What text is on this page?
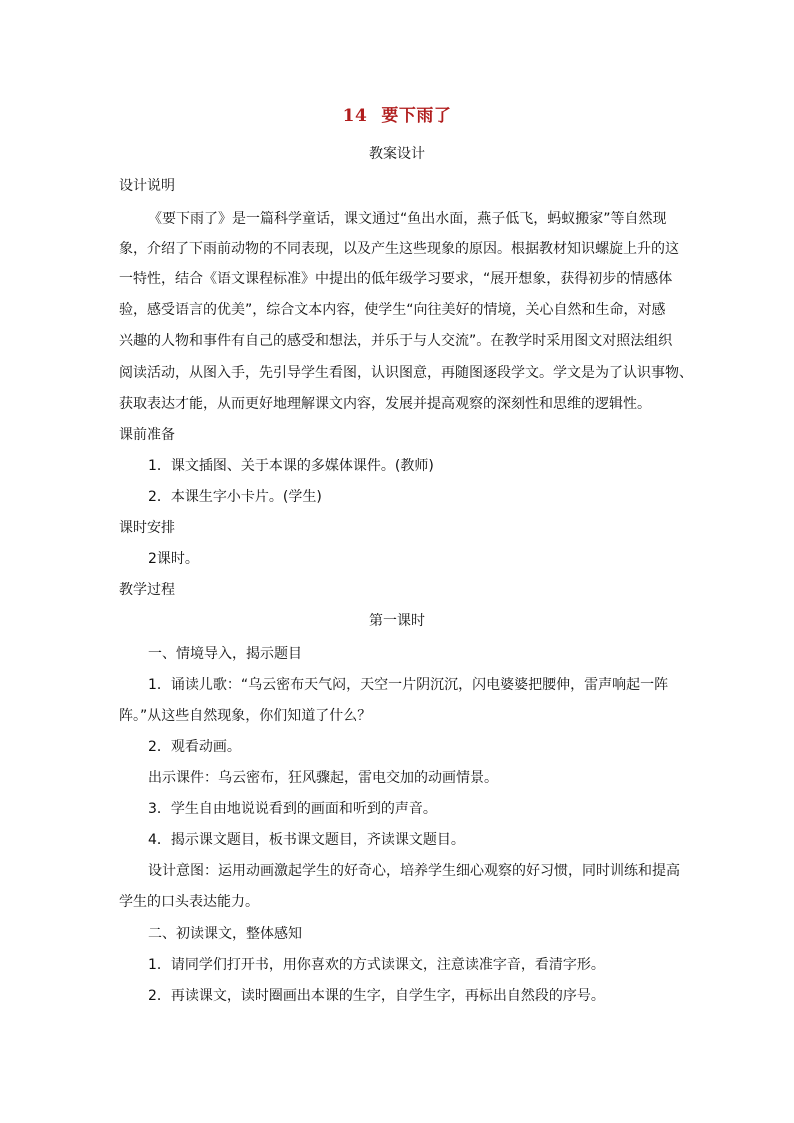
14 要下雨了
教案设计
设计说明
《要下雨了》是一篇科学童话，课文通过“鱼出水面，燕子低飞，蚂蚁搬家”等自然现
象，介绍了下雨前动物的不同表现，以及产生这些现象的原因。根据教材知识螺旋上升的这
一特性，结合《语文课程标准》中提出的低年级学习要求，“展开想象，获得初步的情感体
验，感受语言的优美”，综合文本内容，使学生“向往美好的情境，关心自然和生命，对感
兴趣的人物和事件有自己的感受和想法，并乐于与人交流”。在教学时采用图文对照法组织
阅读活动，从图入手，先引导学生看图，认识图意，再随图逐段学文。学文是为了认识事物、
获取表达才能，从而更好地理解课文内容，发展并提高观察的深刻性和思维的逻辑性。
课前准备
1．课文插图、关于本课的多媒体课件。(教师)
2．本课生字小卡片。(学生)
课时安排
2课时。
教学过程
第一课时
一、情境导入，揭示题目
1．诵读儿歌：“乌云密布天气闷，天空一片阴沉沉，闪电婆婆把腰伸，雷声响起一阵
阵。”从这些自然现象，你们知道了什么？
2．观看动画。
出示课件：乌云密布，狂风骤起，雷电交加的动画情景。
3．学生自由地说说看到的画面和听到的声音。
4．揭示课文题目，板书课文题目，齐读课文题目。
设计意图：运用动画激起学生的好奇心，培养学生细心观察的好习惯，同时训练和提高
学生的口头表达能力。
二、初读课文，整体感知
1．请同学们打开书，用你喜欢的方式读课文，注意读准字音，看清字形。
2．再读课文，读时圈画出本课的生字，自学生字，再标出自然段的序号。
